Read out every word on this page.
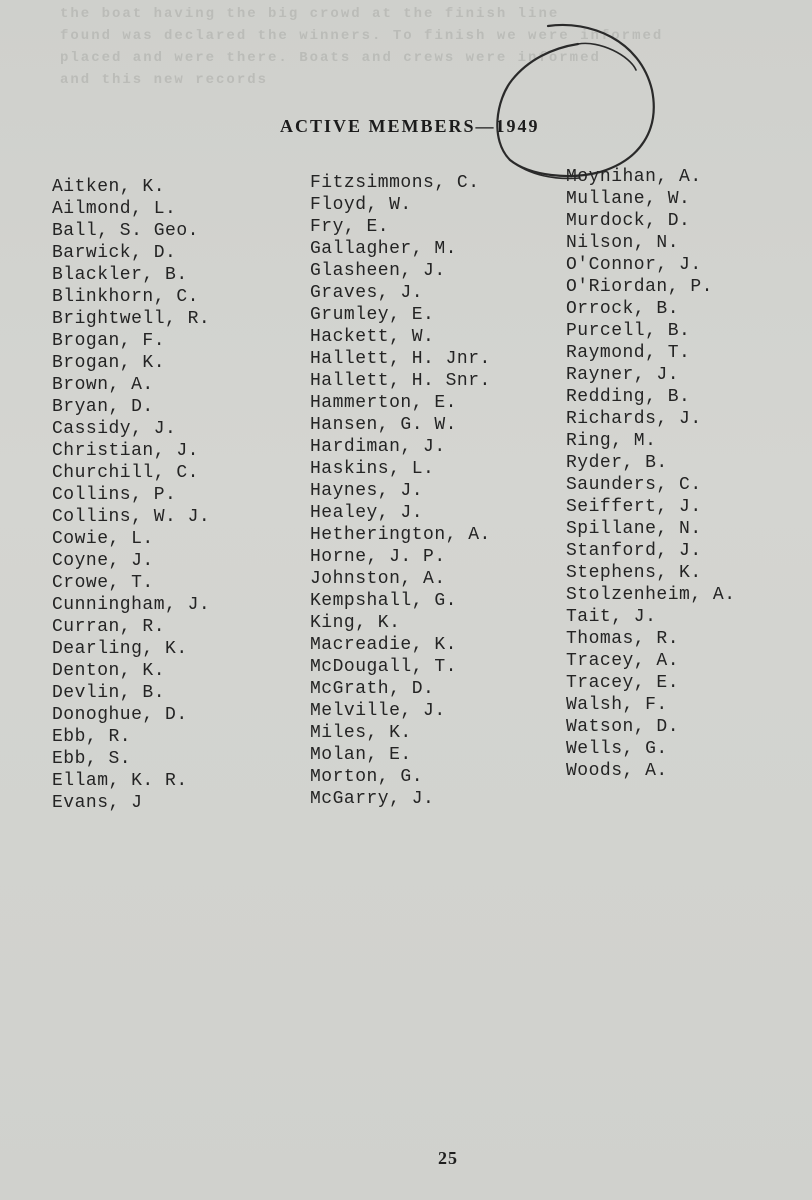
the boat having the big crowd at the finish line
found was declared the winners. To finish we were informed
placed and were there. Boats and crews were informed
and this new records
ACTIVE MEMBERS—1949
Aitken, K.
Ailmond, L.
Ball, S. Geo.
Barwick, D.
Blackler, B.
Blinkhorn, C.
Brightwell, R.
Brogan, F.
Brogan, K.
Brown, A.
Bryan, D.
Cassidy, J.
Christian, J.
Churchill, C.
Collins, P.
Collins, W. J.
Cowie, L.
Coyne, J.
Crowe, T.
Cunningham, J.
Curran, R.
Dearling, K.
Denton, K.
Devlin, B.
Donoghue, D.
Ebb, R.
Ebb, S.
Ellam, K. R.
Evans, J
Fitzsimmons, C.
Floyd, W.
Fry, E.
Gallagher, M.
Glasheen, J.
Graves, J.
Grumley, E.
Hackett, W.
Hallett, H. Jnr.
Hallett, H. Snr.
Hammerton, E.
Hansen, G. W.
Hardiman, J.
Haskins, L.
Haynes, J.
Healey, J.
Hetherington, A.
Horne, J. P.
Johnston, A.
Kempshall, G.
King, K.
Macreadie, K.
McDougall, T.
McGrath, D.
Melville, J.
Miles, K.
Molan, E.
Morton, G.
McGarry, J.
Moynihan, A.
Mullane, W.
Murdock, D.
Nilson, N.
O'Connor, J.
O'Riordan, P.
Orrock, B.
Purcell, B.
Raymond, T.
Rayner, J.
Redding, B.
Richards, J.
Ring, M.
Ryder, B.
Saunders, C.
Seiffert, J.
Spillane, N.
Stanford, J.
Stephens, K.
Stolzenheim, A.
Tait, J.
Thomas, R.
Tracey, A.
Tracey, E.
Walsh, F.
Watson, D.
Wells, G.
Woods, A.
25
